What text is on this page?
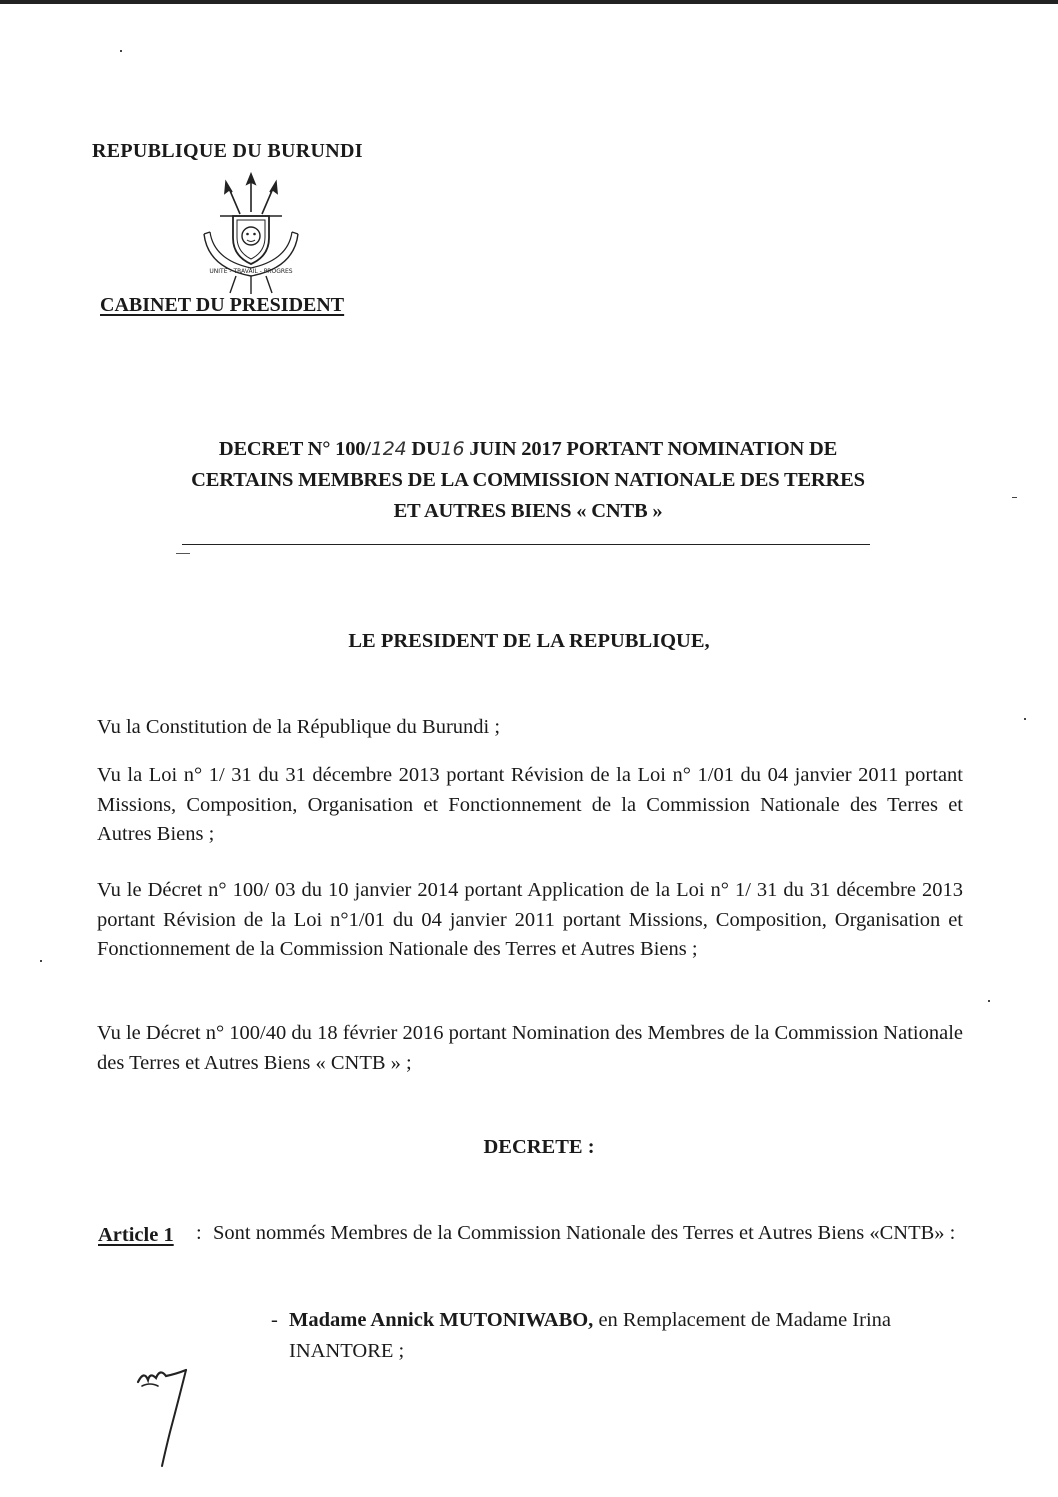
REPUBLIQUE DU BURUNDI
UNITE - TRAVAIL - PROGRES
CABINET DU PRESIDENT
DECRET N° 100/124 DU16 JUIN 2017 PORTANT NOMINATION DE
CERTAINS MEMBRES DE LA COMMISSION NATIONALE DES TERRES
ET AUTRES BIENS « CNTB »
LE PRESIDENT DE LA REPUBLIQUE,
Vu la Constitution de la République du Burundi ;
Vu la Loi n° 1/ 31 du 31 décembre 2013 portant Révision de la Loi n° 1/01 du 04 janvier 2011 portant Missions, Composition, Organisation et Fonctionnement de la Commission Nationale des Terres et Autres Biens ;
Vu le Décret n° 100/ 03 du 10 janvier 2014 portant Application de la Loi n° 1/ 31 du 31 décembre 2013 portant Révision de la Loi n°1/01 du 04 janvier 2011 portant Missions, Composition, Organisation et Fonctionnement de la Commission Nationale des Terres et Autres Biens ;
Vu le Décret n° 100/40 du 18 février 2016 portant Nomination des Membres de la Commission Nationale des Terres et Autres Biens « CNTB » ;
DECRETE :
Article 1 : Sont nommés Membres de la Commission Nationale des Terres et Autres Biens «CNTB» :
- Madame Annick MUTONIWABO, en Remplacement de Madame Irina INANTORE ;
